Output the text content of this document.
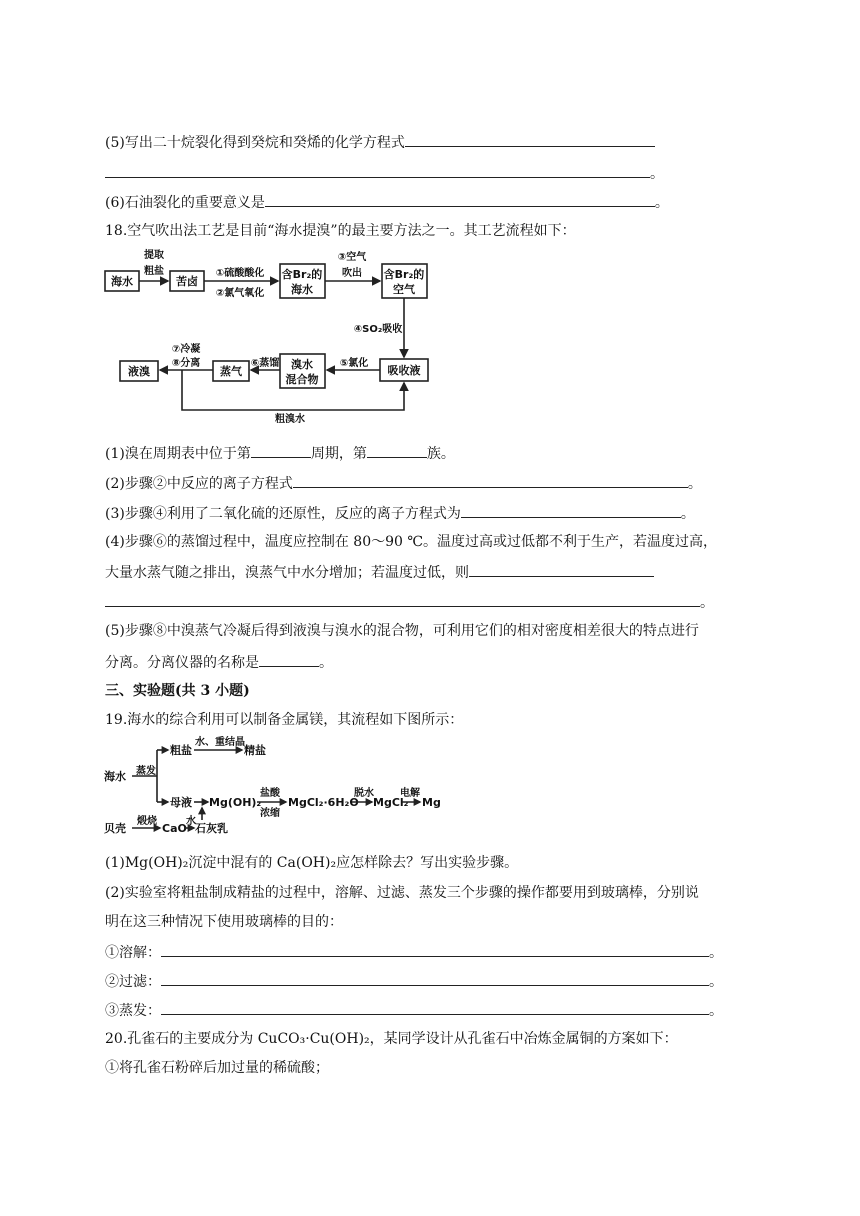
(5)写出二十烷裂化得到癸烷和癸烯的化学方程式
。
(6)石油裂化的重要意义是	。
18.空气吹出法工艺是目前“海水提溴”的最主要方法之一。其工艺流程如下：
海水	苦卤
含Br₂的
海水
含Br₂的
空气
吸收液
溴水
混合物
蒸气
液溴
提取
粗盐	①硫酸酸化
②氯气氧化
③空气
吹出
④SO₂吸收
⑤氯化
⑥蒸馏
⑦冷凝
⑧分离
粗溴水
(1)溴在周期表中位于第	周期，第	族。
(2)步骤②中反应的离子方程式	。
(3)步骤④利用了二氧化硫的还原性，反应的离子方程式为	。
(4)步骤⑥的蒸馏过程中，温度应控制在 80～90 ℃。温度过高或过低都不利于生产，若温度过高，
大量水蒸气随之排出，溴蒸气中水分增加；若温度过低，则
。
(5)步骤⑧中溴蒸气冷凝后得到液溴与溴水的混合物，可利用它们的相对密度相差很大的特点进行
分离。分离仪器的名称是	。
三、实验题(共 3 小题)
19.海水的综合利用可以制备金属镁，其流程如下图所示：
海水 蒸发
粗盐
水、重结晶
精盐
母液 Mg(OH)₂
盐酸
浓缩
MgCl₂·6H₂O
脱水
MgCl₂
电解
Mg
贝壳
煅烧
CaO
水
石灰乳
(1)Mg(OH)₂沉淀中混有的 Ca(OH)₂应怎样除去？写出实验步骤。
(2)实验室将粗盐制成精盐的过程中，溶解、过滤、蒸发三个步骤的操作都要用到玻璃棒，分别说
明在这三种情况下使用玻璃棒的目的：
①溶解：	。
②过滤：	。
③蒸发：	。
20.孔雀石的主要成分为 CuCO₃·Cu(OH)₂，某同学设计从孔雀石中冶炼金属铜的方案如下：
①将孔雀石粉碎后加过量的稀硫酸；
